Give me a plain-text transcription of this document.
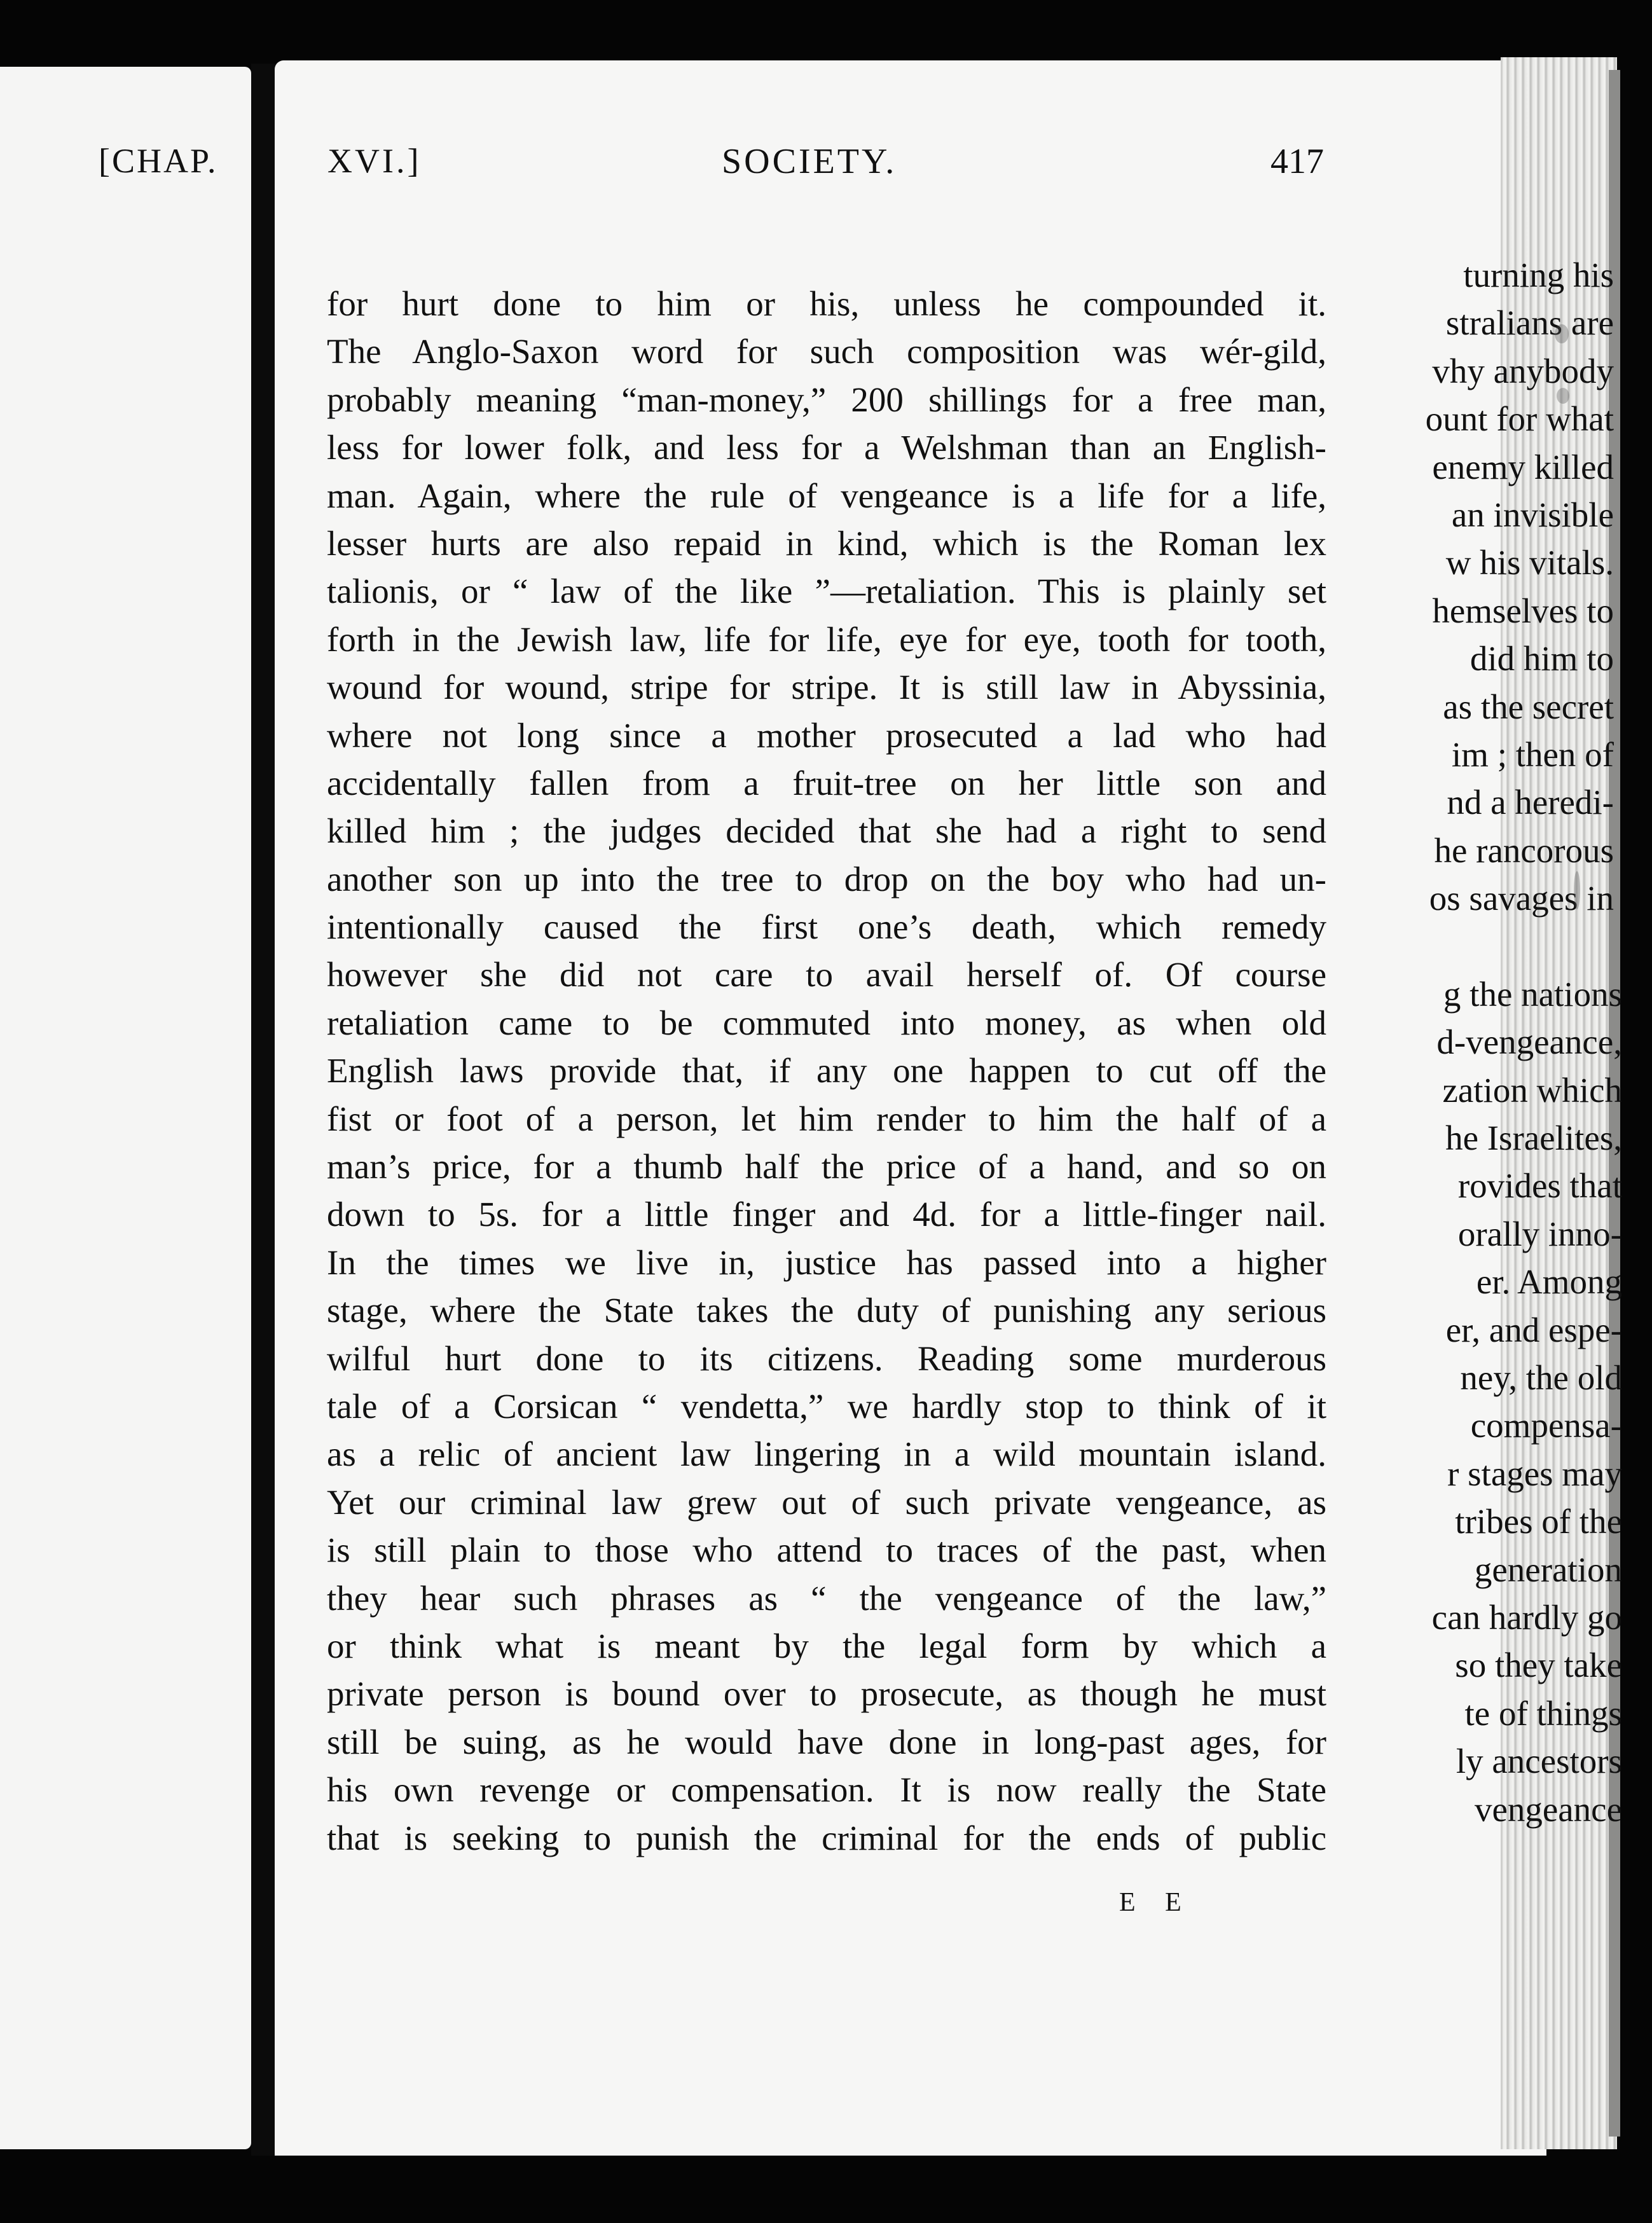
[CHAP.
turning his
stralians are
vhy anybody
ount for what
enemy killed
an invisible
w his vitals.
hemselves to
did him to
as the secret
im ; then of
nd a heredi-
he rancorous
os savages in
g the nations
d-vengeance,
zation which
he Israelites,
rovides that
orally inno-
er. Among
er, and espe-
ney, the old
compensa-
r stages may
tribes of the
generation
can hardly go
so they take
te of things
ly ancestors
vengeance
XVI.]	SOCIETY.	417
for hurt done to him or his, unless he compounded it.
The Anglo-Saxon word for such composition was wér-gild,
probably meaning “man-money,” 200 shillings for a free man,
less for lower folk, and less for a Welshman than an English-
man. Again, where the rule of vengeance is a life for a life,
lesser hurts are also repaid in kind, which is the Roman lex
talionis, or “ law of the like ”—retaliation. This is plainly set
forth in the Jewish law, life for life, eye for eye, tooth for tooth,
wound for wound, stripe for stripe. It is still law in Abyssinia,
where not long since a mother prosecuted a lad who had
accidentally fallen from a fruit-tree on her little son and
killed him ; the judges decided that she had a right to send
another son up into the tree to drop on the boy who had un-
intentionally caused the first one’s death, which remedy
however she did not care to avail herself of. Of course
retaliation came to be commuted into money, as when old
English laws provide that, if any one happen to cut off the
fist or foot of a person, let him render to him the half of a
man’s price, for a thumb half the price of a hand, and so on
down to 5s. for a little finger and 4d. for a little-finger nail.
In the times we live in, justice has passed into a higher
stage, where the State takes the duty of punishing any serious
wilful hurt done to its citizens. Reading some murderous
tale of a Corsican “ vendetta,” we hardly stop to think of it
as a relic of ancient law lingering in a wild mountain island.
Yet our criminal law grew out of such private vengeance, as
is still plain to those who attend to traces of the past, when
they hear such phrases as “ the vengeance of the law,”
or think what is meant by the legal form by which a
private person is bound over to prosecute, as though he must
still be suing, as he would have done in long-past ages, for
his own revenge or compensation. It is now really the State
that is seeking to punish the criminal for the ends of public
E E
